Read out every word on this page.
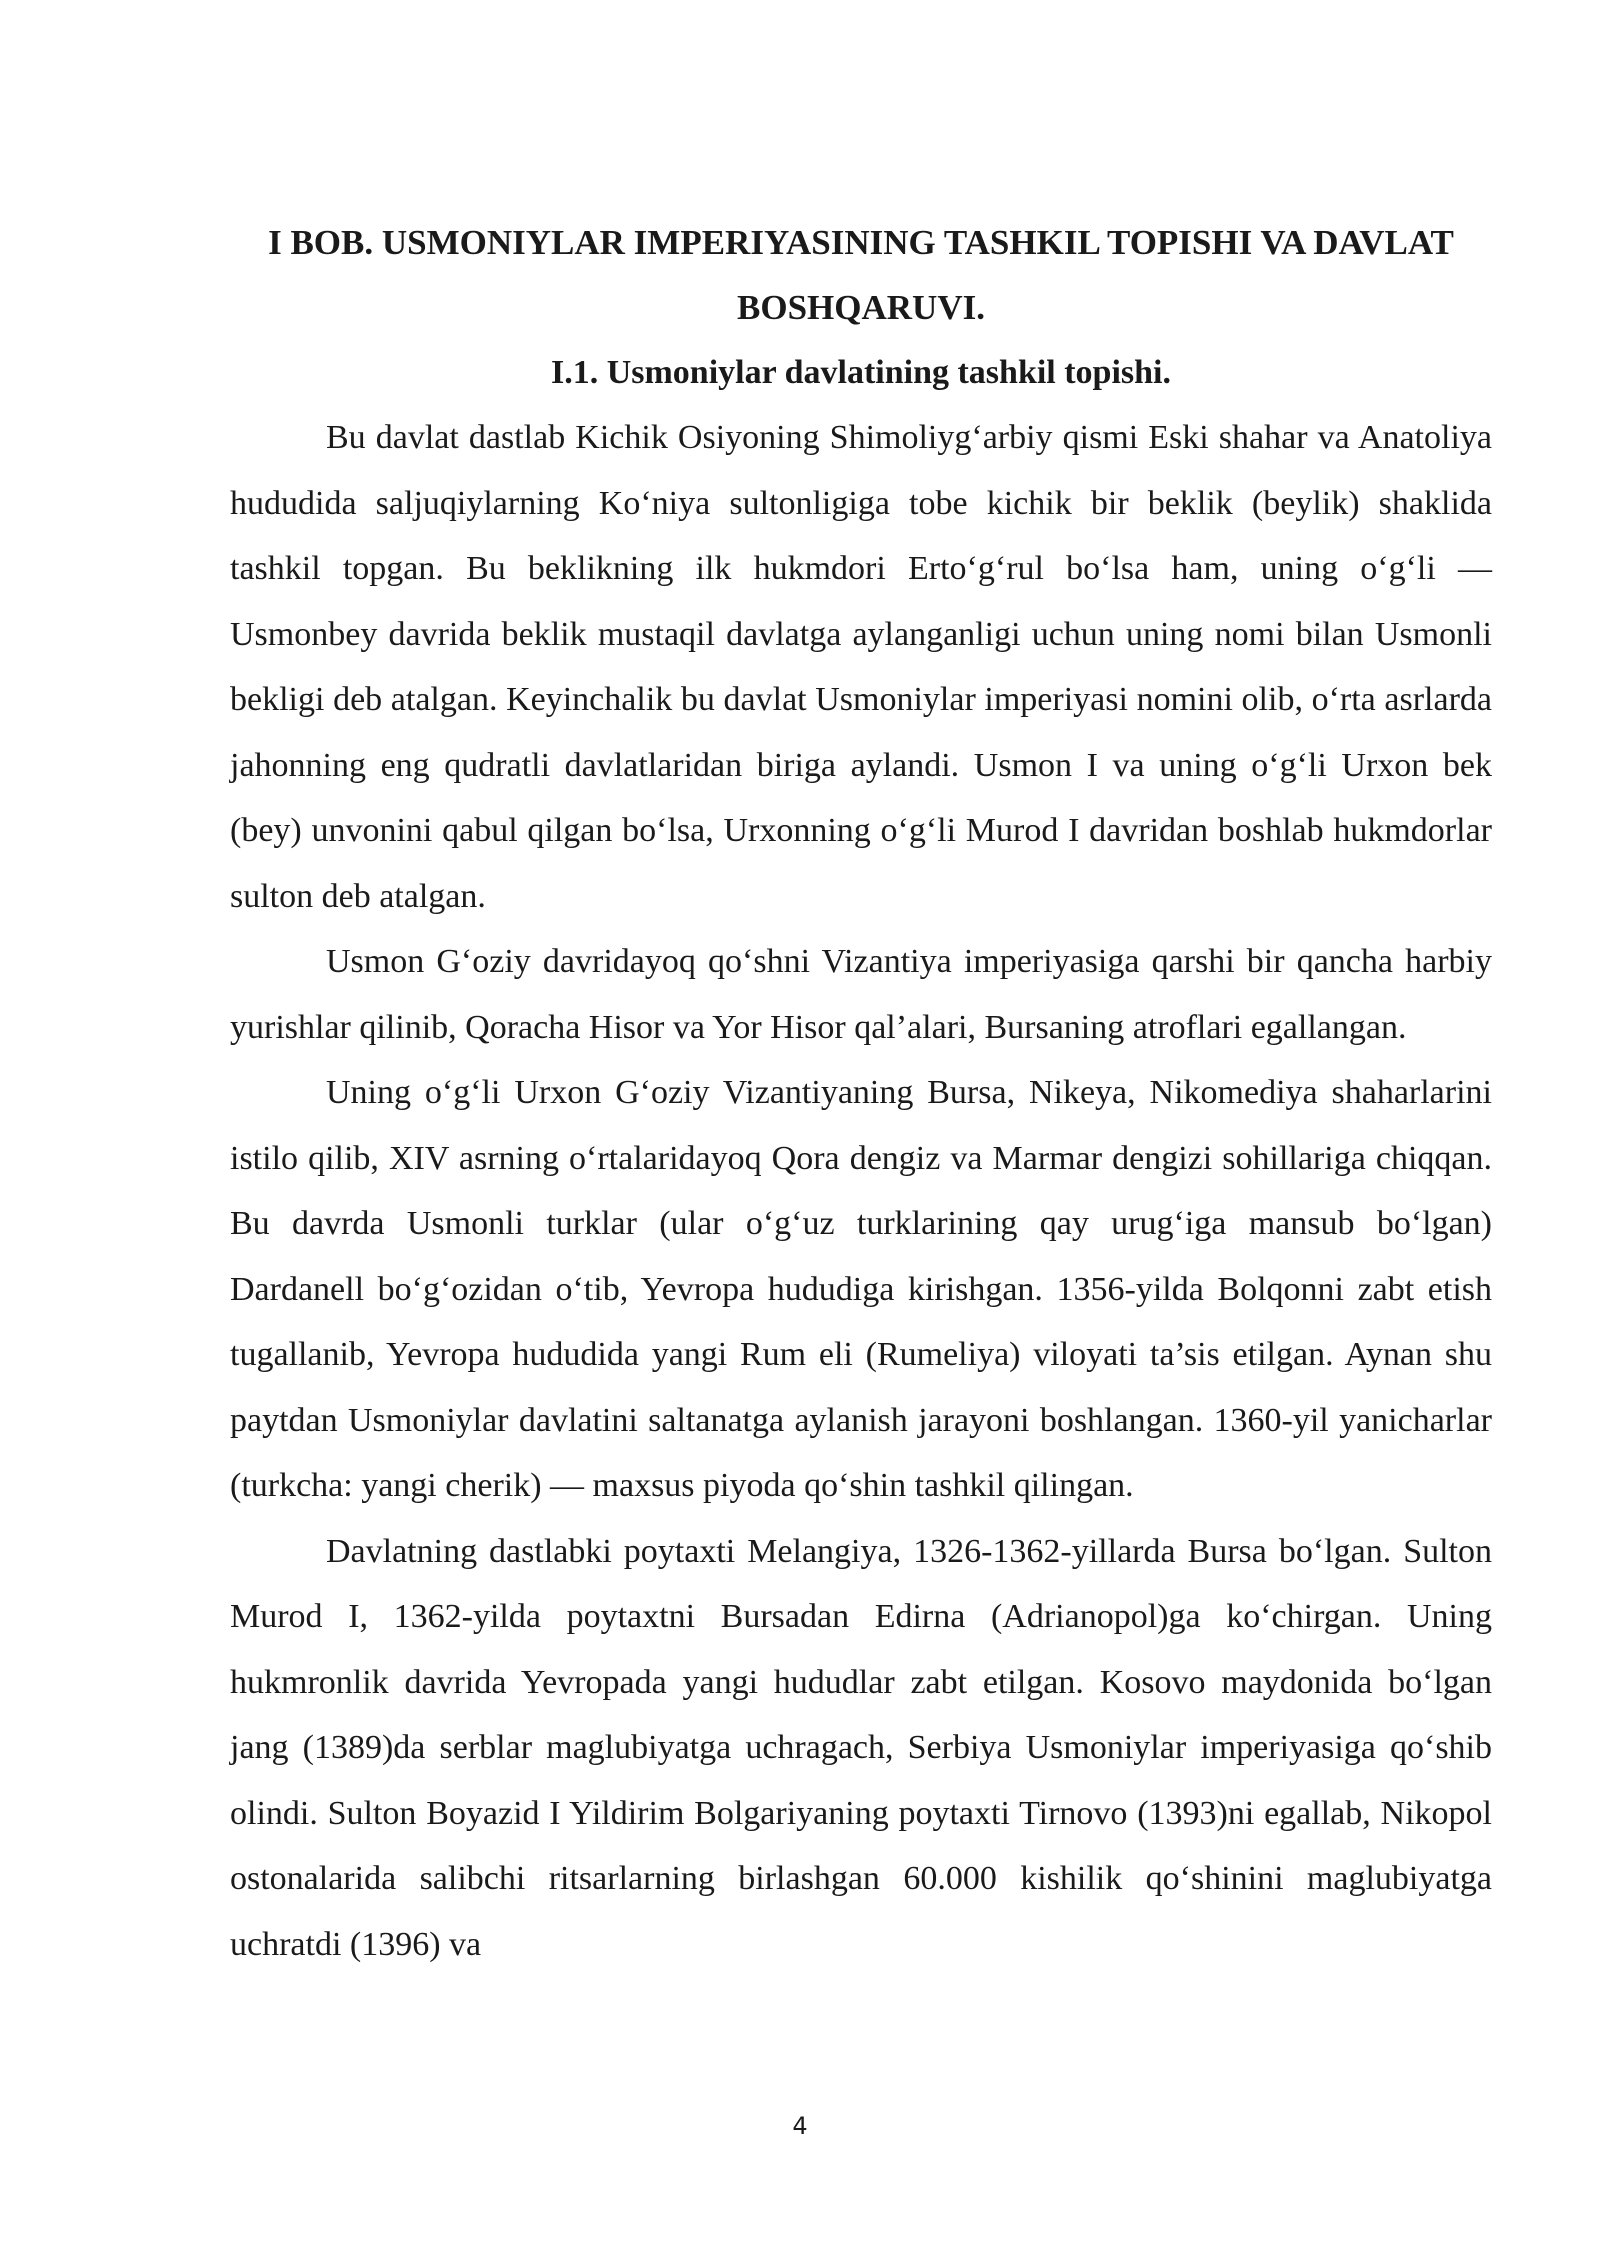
I BOB. USMONIYLAR IMPERIYASINING TASHKIL TOPISHI VA DAVLAT BOSHQARUVI.
I.1. Usmoniylar davlatining tashkil topishi.

Bu davlat dastlab Kichik Osiyoning Shimoliyg‘arbiy qismi Eski shahar va Anatoliya hududida saljuqiylarning Ko‘niya sultonligiga tobe kichik bir beklik (beylik) shaklida tashkil topgan. Bu beklikning ilk hukmdori Erto‘g‘rul bo‘lsa ham, uning o‘g‘li — Usmonbey davrida beklik mustaqil davlatga aylanganligi uchun uning nomi bilan Usmonli bekligi deb atalgan. Keyinchalik bu davlat Usmoniylar imperiyasi nomini olib, o‘rta asrlarda jahonning eng qudratli davlatlaridan biriga aylandi. Usmon I va uning o‘g‘li Urxon bek (bey) unvonini qabul qilgan bo‘lsa, Urxonning o‘g‘li Murod I davridan boshlab hukmdorlar sulton deb atalgan.

Usmon G‘oziy davridayoq qo‘shni Vizantiya imperiyasiga qarshi bir qancha harbiy yurishlar qilinib, Qoracha Hisor va Yor Hisor qal’alari, Bursaning atroflari egallangan.

Uning o‘g‘li Urxon G‘oziy Vizantiyaning Bursa, Nikeya, Nikomediya shaharlarini istilo qilib, XIV asrning o‘rtalaridayoq Qora dengiz va Marmar dengizi sohillariga chiqqan. Bu davrda Usmonli turklar (ular o‘g‘uz turklarining qay urug‘iga mansub bo‘lgan) Dardanell bo‘g‘ozidan o‘tib, Yevropa hududiga kirishgan. 1356-yilda Bolqonni zabt etish tugallanib, Yevropa hududida yangi Rum eli (Rumeliya) viloyati ta’sis etilgan. Aynan shu paytdan Usmoniylar davlatini saltanatga aylanish jarayoni boshlangan. 1360-yil yanicharlar (turkcha: yangi cherik) — maxsus piyoda qo‘shin tashkil qilingan.

Davlatning dastlabki poytaxti Melangiya, 1326-1362-yillarda Bursa bo‘lgan. Sulton Murod I, 1362-yilda poytaxtni Bursadan Edirna (Adrianopol)ga ko‘chirgan. Uning hukmronlik davrida Yevropada yangi hududlar zabt etilgan. Kosovo maydonida bo‘lgan jang (1389)da serblar maglubiyatga uchragach, Serbiya Usmoniylar imperiyasiga qo‘shib olindi. Sulton Boyazid I Yildirim Bolgariyaning poytaxti Tirnovo (1393)ni egallab, Nikopol ostonalarida salibchi ritsarlarning birlashgan 60.000 kishilik qo‘shinini maglubiyatga uchratdi (1396) va

4
